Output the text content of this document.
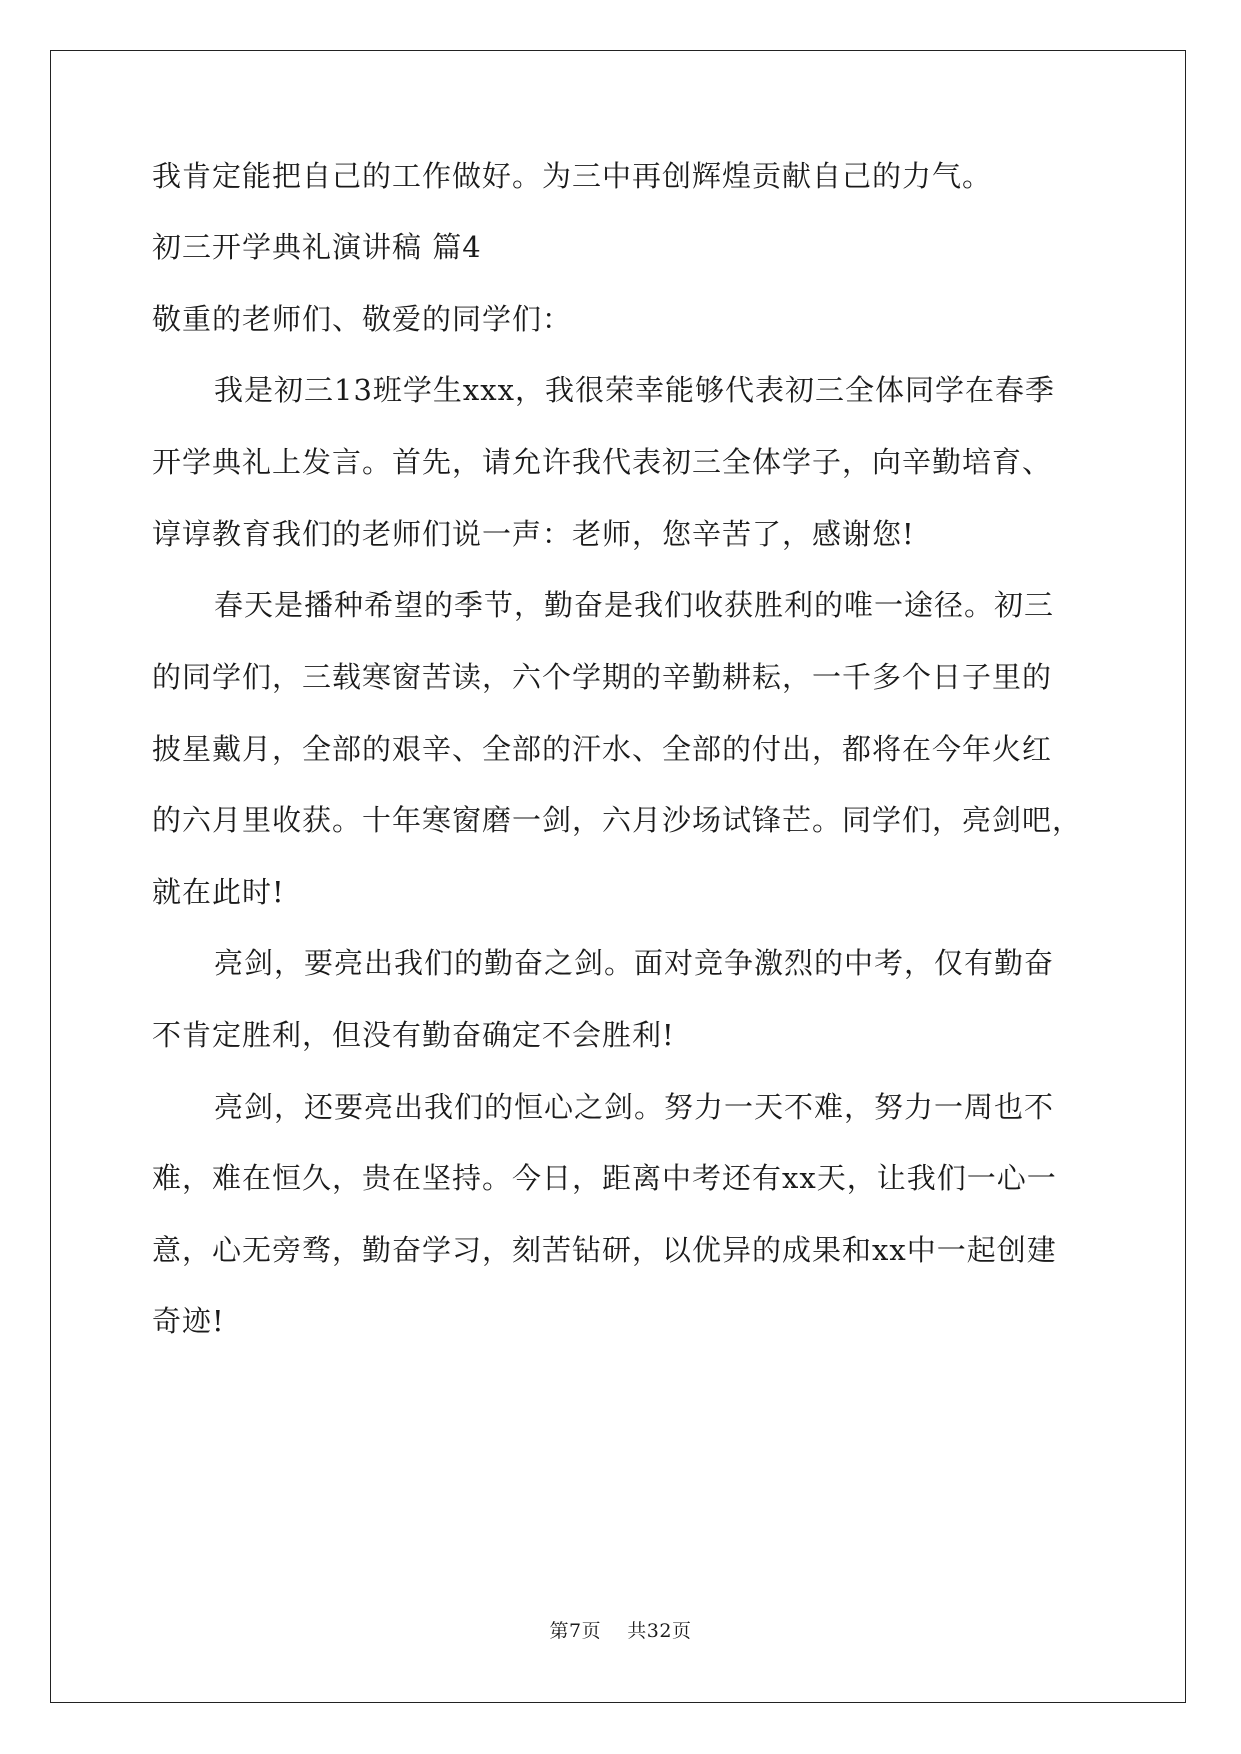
我肯定能把自己的工作做好。为三中再创辉煌贡献自己的力气。
初三开学典礼演讲稿 篇4
敬重的老师们、敬爱的同学们：
我是初三13班学生xxx，我很荣幸能够代表初三全体同学在春季
开学典礼上发言。首先，请允许我代表初三全体学子，向辛勤培育、
谆谆教育我们的老师们说一声：老师，您辛苦了，感谢您!
春天是播种希望的季节，勤奋是我们收获胜利的唯一途径。初三
的同学们，三载寒窗苦读，六个学期的辛勤耕耘，一千多个日子里的
披星戴月，全部的艰辛、全部的汗水、全部的付出，都将在今年火红
的六月里收获。十年寒窗磨一剑，六月沙场试锋芒。同学们，亮剑吧，
就在此时!
亮剑，要亮出我们的勤奋之剑。面对竞争激烈的中考，仅有勤奋
不肯定胜利，但没有勤奋确定不会胜利!
亮剑，还要亮出我们的恒心之剑。努力一天不难，努力一周也不
难，难在恒久，贵在坚持。今日，距离中考还有xx天，让我们一心一
意，心无旁骛，勤奋学习，刻苦钻研，以优异的成果和xx中一起创建
奇迹!
第7页 共32页
